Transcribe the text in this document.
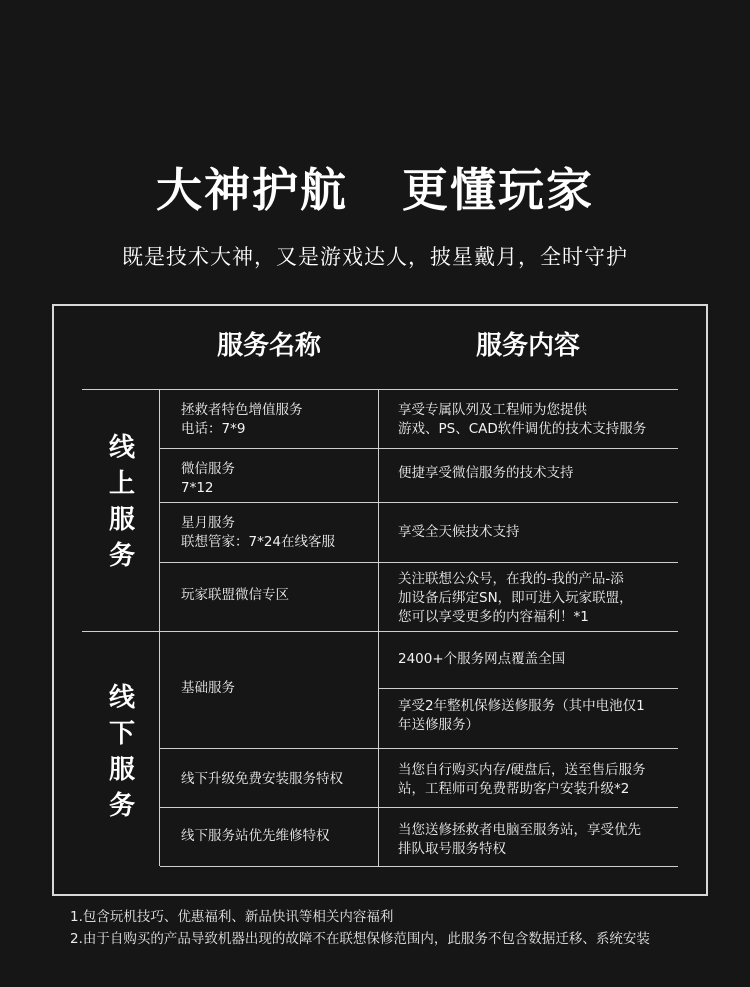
大神护航   更懂玩家
既是技术大神，又是游戏达人，披星戴月，全时守护
服务名称	服务内容
线
上
服
务
线
下
服
务
拯救者特色增值服务
电话：7*9
享受专属队列及工程师为您提供
游戏、PS、CAD软件调优的技术支持服务
微信服务
7*12
便捷享受微信服务的技术支持
星月服务
联想管家：7*24在线客服
享受全天候技术支持
玩家联盟微信专区
关注联想公众号，在我的-我的产品-添
加设备后绑定SN，即可进入玩家联盟，
您可以享受更多的内容福利！*1
基础服务
2400+个服务网点覆盖全国
享受2年整机保修送修服务（其中电池仅1
年送修服务）
线下升级免费安装服务特权
当您自行购买内存/硬盘后，送至售后服务
站，工程师可免费帮助客户安装升级*2
线下服务站优先维修特权	当您送修拯救者电脑至服务站，享受优先
排队取号服务特权
1.包含玩机技巧、优惠福利、新品快讯等相关内容福利
2.由于自购买的产品导致机器出现的故障不在联想保修范围内，此服务不包含数据迁移、系统安装
